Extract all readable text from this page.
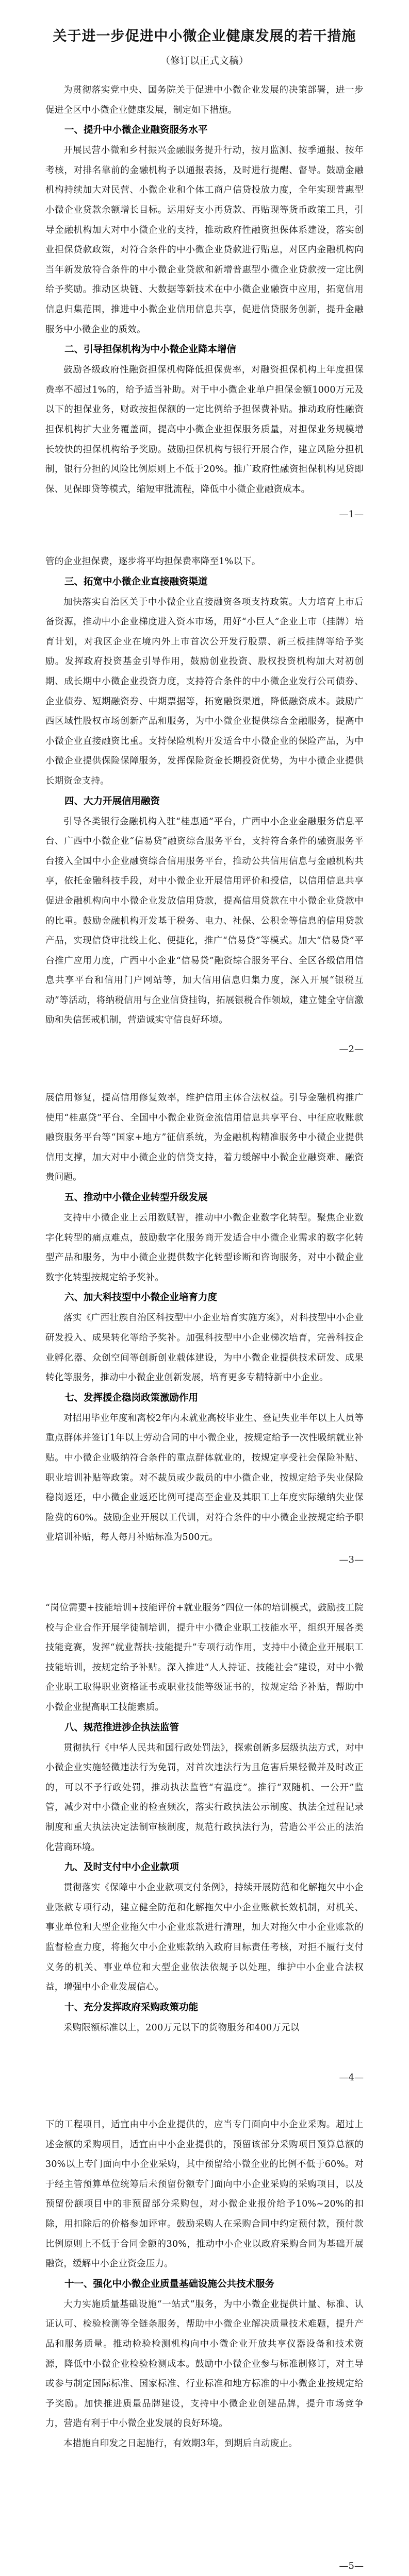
关于进一步促进中小微企业健康发展的若干措施
（修订以正式文稿）

为贯彻落实党中央、国务院关于促进中小微企业发展的决策部署，进一步促进全区中小微企业健康发展，制定如下措施。

一、提升中小微企业融资服务水平

开展民营小微和乡村振兴金融服务提升行动，按月监测、按季通报、按年考核，对排名靠前的金融机构予以通报表扬，及时进行提醒、督导。鼓励金融机构持续加大对民营、小微企业和个体工商户信贷投放力度，全年实现普惠型小微企业贷款余额增长目标。运用好支小再贷款、再贴现等货币政策工具，引导金融机构加大对中小微企业的支持，推动政府性融资担保体系建设，落实创业担保贷款政策，对符合条件的中小微企业贷款进行贴息，对区内金融机构向当年新发放符合条件的中小微企业贷款和新增普惠型小微企业贷款按一定比例给予奖励。推动区块链、大数据等新技术在中小微企业融资中应用，拓宽信用信息归集范围，推进中小微企业信用信息共享，促进信贷服务创新，提升金融服务中小微企业的质效。

二、引导担保机构为中小微企业降本增信

鼓励各级政府性融资担保机构降低担保费率，对融资担保机构上年度担保费率不超过1%的，给予适当补助。对于中小微企业单户担保金额1000万元及以下的担保业务，财政按担保额的一定比例给予担保费补贴。推动政府性融资担保机构扩大业务覆盖面，提高中小微企业担保服务质量，对担保业务规模增长较快的担保机构给予奖励。鼓励担保机构与银行开展合作，建立风险分担机制，银行分担的风险比例原则上不低于20%。推广政府性融资担保机构见贷即保、见保即贷等模式，缩短审批流程，降低中小微企业融资成本。

—1—

管的企业担保费，逐步将平均担保费率降至1%以下。

三、拓宽中小微企业直接融资渠道

加快落实自治区关于中小微企业直接融资各项支持政策。大力培育上市后备资源，推动中小企业梯度进入资本市场，用好“小巨人”企业上市（挂牌）培育计划，对我区企业在境内外上市首次公开发行股票、新三板挂牌等给予奖励。发挥政府投资基金引导作用，鼓励创业投资、股权投资机构加大对初创期、成长期中小微企业投资力度，支持符合条件的中小微企业发行公司债券、企业债券、短期融资券、中期票据等，拓宽融资渠道，降低融资成本。鼓励广西区域性股权市场创新产品和服务，为中小微企业提供综合金融服务，提高中小微企业直接融资比重。支持保险机构开发适合中小微企业的保险产品，为中小微企业提供保险保障服务，发挥保险资金长期投资优势，为中小微企业提供长期资金支持。

四、大力开展信用融资

引导各类银行金融机构入驻“桂惠通”平台，广西中小企业金融服务信息平台、广西中小微企业“信易贷”融资综合服务平台，支持符合条件的融资服务平台接入全国中小企业融资综合信用服务平台，推动公共信用信息与金融机构共享，依托金融科技手段，对中小微企业开展信用评价和授信，以信用信息共享促进金融机构向中小微企业发放信用贷款，提高信用贷款在中小微企业贷款中的比重。鼓励金融机构开发基于税务、电力、社保、公积金等信息的信用贷款产品，实现信贷审批线上化、便捷化，推广“信易贷”等模式。加大“信易贷”平台推广应用力度，广西中小企业“信易贷”融资综合服务平台、全区各级信用信息共享平台和信用门户网站等，加大信用信息归集力度，深入开展“银税互动”等活动，将纳税信用与企业信贷挂钩，拓展银税合作领域，建立健全守信激励和失信惩戒机制，营造诚实守信良好环境。

—2—

展信用修复，提高信用修复效率，维护信用主体合法权益。引导金融机构推广使用“桂惠贷”平台、全国中小微企业资金流信用信息共享平台、中征应收账款融资服务平台等“国家+地方”征信系统，为金融机构精准服务中小微企业提供信用支撑，加大对中小微企业的信贷支持，着力缓解中小微企业融资难、融资贵问题。

五、推动中小微企业转型升级发展

支持中小微企业上云用数赋智，推动中小微企业数字化转型。聚焦企业数字化转型的痛点难点，鼓励数字化服务商开发适合中小微企业需求的数字化转型产品和服务，为中小微企业提供数字化转型诊断和咨询服务，对中小微企业数字化转型按规定给予奖补。

六、加大科技型中小微企业培育力度

落实《广西壮族自治区科技型中小企业培育实施方案》，对科技型中小企业研发投入、成果转化等给予奖补。加强科技型中小企业梯次培育，完善科技企业孵化器、众创空间等创新创业载体建设，为中小微企业提供技术研发、成果转化等服务，推动中小微企业创新发展，培育更多专精特新中小企业。

七、发挥援企稳岗政策激励作用

对招用毕业年度和离校2年内未就业高校毕业生、登记失业半年以上人员等重点群体并签订1年以上劳动合同的中小微企业，按规定给予一次性吸纳就业补贴。中小微企业吸纳符合条件的重点群体就业的，按规定享受社会保险补贴、职业培训补贴等政策。对不裁员或少裁员的中小微企业，按规定给予失业保险稳岗返还，中小微企业返还比例可提高至企业及其职工上年度实际缴纳失业保险费的60%。鼓励企业开展以工代训，对符合条件的中小微企业按规定给予职业培训补贴，每人每月补贴标准为500元。

—3—

“岗位需要+技能培训+技能评价+就业服务”四位一体的培训模式，鼓励技工院校与企业合作开展学徒制培训，提升中小微企业职工技能水平，组织开展各类技能竞赛，发挥“就业帮扶·技能提升”专项行动作用，支持中小微企业开展职工技能培训，按规定给予补贴。深入推进“人人持证、技能社会”建设，对中小微企业职工取得职业资格证书或职业技能等级证书的，按规定给予补贴，帮助中小微企业提高职工技能素质。

八、规范推进涉企执法监管

贯彻执行《中华人民共和国行政处罚法》，探索创新多层级执法方式，对中小微企业实施轻微违法行为免罚，对首次违法行为且危害后果轻微并及时改正的，可以不予行政处罚，推动执法监管“有温度”。推行“双随机、一公开”监管，减少对中小微企业的检查频次，落实行政执法公示制度、执法全过程记录制度和重大执法决定法制审核制度，规范行政执法行为，营造公平公正的法治化营商环境。

九、及时支付中小企业款项

贯彻落实《保障中小企业款项支付条例》，持续开展防范和化解拖欠中小企业账款专项行动，建立健全防范和化解拖欠中小企业账款长效机制，对机关、事业单位和大型企业拖欠中小企业账款进行清理，加大对拖欠中小企业账款的监督检查力度，将拖欠中小企业账款纳入政府目标责任考核，对拒不履行支付义务的机关、事业单位和大型企业依法依规予以处理，维护中小企业合法权益，增强中小企业发展信心。

十、充分发挥政府采购政策功能

采购限额标准以上，200万元以下的货物服务和400万元以

—4—

下的工程项目，适宜由中小企业提供的，应当专门面向中小企业采购。超过上述金额的采购项目，适宜由中小企业提供的，预留该部分采购项目预算总额的30%以上专门面向中小企业采购，其中预留给小微企业的比例不低于60%。对于经主管预算单位统筹后未预留份额专门面向中小企业采购的采购项目，以及预留份额项目中的非预留部分采购包，对小微企业报价给予10%~20%的扣除，用扣除后的价格参加评审。鼓励采购人在采购合同中约定预付款，预付款比例原则上不低于合同金额的30%，推动中小企业以政府采购合同为基础开展融资，缓解中小企业资金压力。

十一、强化中小微企业质量基础设施公共技术服务

大力实施质量基础设施“一站式”服务，为中小微企业提供计量、标准、认证认可、检验检测等全链条服务，帮助中小微企业解决质量技术难题，提升产品和服务质量。推动检验检测机构向中小微企业开放共享仪器设备和技术资源，降低中小微企业检验检测成本。鼓励中小微企业参与标准制修订，对主导或参与制定国际标准、国家标准、行业标准和地方标准的中小微企业按规定给予奖励。加快推进质量品牌建设，支持中小微企业创建品牌，提升市场竞争力，营造有利于中小微企业发展的良好环境。

本措施自印发之日起施行，有效期3年，到期后自动废止。

—5—
